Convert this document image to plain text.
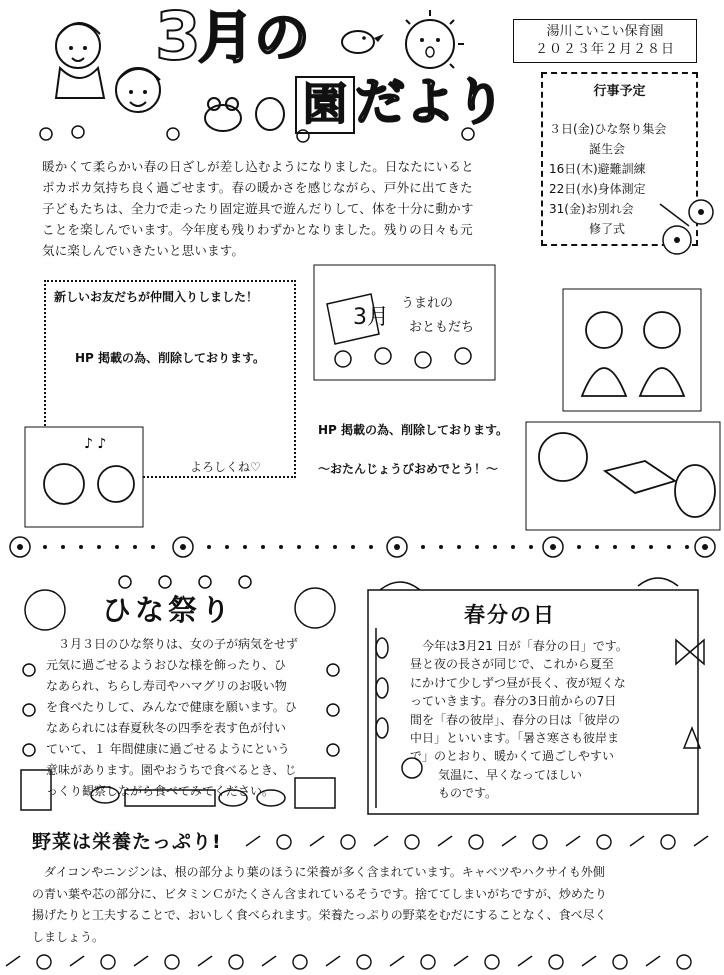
3
月の
園 だより
湯川こいこい保育園
２０２３年２月２８日
行事予定
３日(金)ひな祭り集会
誕生会
16日(木)避難訓練
22日(水)身体測定
31(金)お別れ会
修了式
暖かくて柔らかい春の日ざしが差し込むようになりました。日なたにいると
ポカポカ気持ち良く過ごせます。春の暖かさを感じながら、戸外に出てきた
子どもたちは、全力で走ったり固定遊具で遊んだりして、体を十分に動かす
ことを楽しんでいます。今年度も残りわずかとなりました。残りの日々も元
気に楽しんでいきたいと思います。
新しいお友だちが仲間入りしました！
HP 掲載の為、削除しております。
よろしくね♡
♪ ♪
3月
うまれの
おともだち
HP 掲載の為、削除しております。
～おたんじょうびおめでとう！～
ひな祭り
　３月３日のひな祭りは、女の子が病気をせず
元気に過ごせるようおひな様を飾ったり、ひ
なあられ、ちらし寿司やハマグリのお吸い物
を食べたりして、みんなで健康を願います。ひ
なあられには春夏秋冬の四季を表す色が付い
ていて、１ 年間健康に過ごせるようにという
意味があります。園やおうちで食べるとき、じ
っくり観察しながら食べてみてください。
春分の日
　今年は3月21 日が「春分の日」です。
昼と夜の長さが同じで、これから夏至
にかけて少しずつ昼が長く、夜が短くな
っていきます。春分の3日前からの7日
間を「春の彼岸」、春分の日は「彼岸の
中日」といいます。「暑さ寒さも彼岸ま
で」のとおり、暖かくて過ごしやすい
気温に、早くなってほしい
ものです。
野菜は栄養たっぷり!
　ダイコンやニンジンは、根の部分より葉のほうに栄養が多く含まれています。キャベツやハクサイも外側
の青い葉や芯の部分に、ビタミンＣがたくさん含まれているそうです。捨ててしまいがちですが、炒めたり
揚げたりと工夫することで、おいしく食べられます。栄養たっぷりの野菜をむだにすることなく、食べ尽く
しましょう。
